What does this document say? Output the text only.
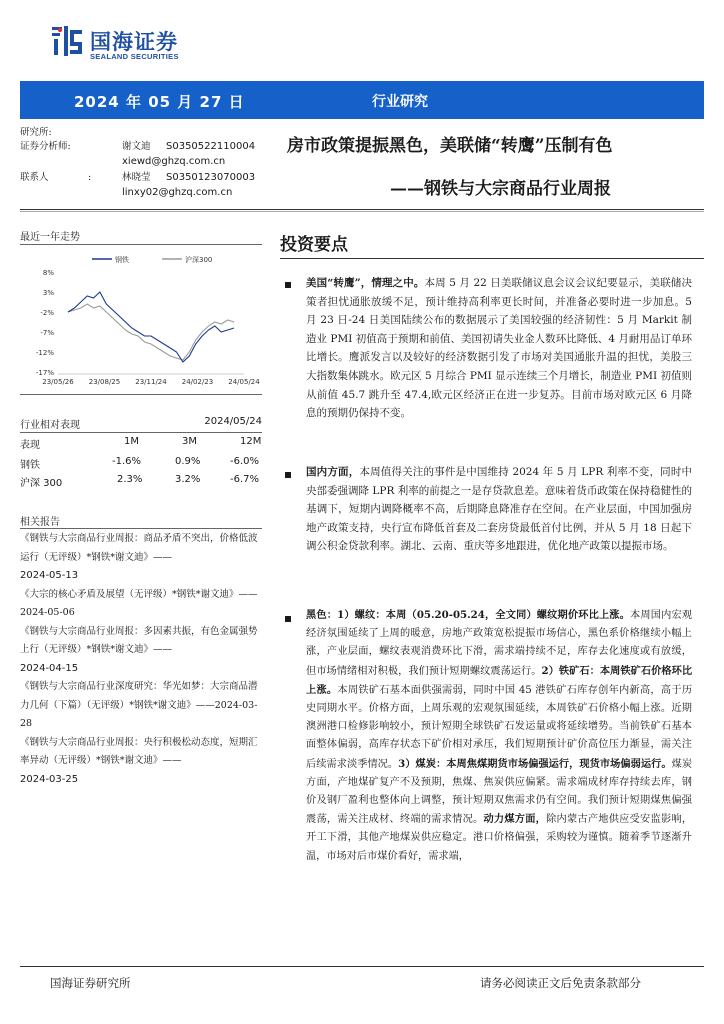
国海证券
SEALAND SECURITIES
2024 年 05 月 27 日	行业研究
研究所:
证券分析师:	谢文迪 S0350522110004
xiewd@ghzq.com.cn
联系人	:	林晓莹 S0350123070003
linxy02@ghzq.com.cn
房市政策提振黑色，美联储“转鹰”压制有色
——钢铁与大宗商品行业周报
最近一年走势
8%
3%
-2%
-7%
-12%
-17%
23/05/26 23/08/25 23/11/24 24/02/23 24/05/24
钢铁	沪深300
行业相对表现	2024/05/24
表现	1M	3M	12M
钢铁	-1.6%	0.9%	-6.0%
沪深 300	2.3%	3.2%	-6.7%
相关报告
《钢铁与大宗商品行业周报：商品矛盾不突出，价格低波运行（无评级）*钢铁*谢文迪》——
2024-05-13
《大宗的核心矛盾及展望（无评级）*钢铁*谢文迪》——2024-05-06
《钢铁与大宗商品行业周报：多因素共振，有色金属强势上行（无评级）*钢铁*谢文迪》——
2024-04-15
《钢铁与大宗商品行业深度研究：华光如梦：大宗商品潜力几何（下篇）（无评级）*钢铁*谢文迪》——2024-03-28
《钢铁与大宗商品行业周报：央行积极松动态度，短期汇率异动（无评级）*钢铁*谢文迪》——
2024-03-25
投资要点
美国“转鹰”，情理之中。本周 5 月 22 日美联储议息会议会议纪要显示，美联储决策者担忧通胀放缓不足，预计维持高利率更长时间，并准备必要时进一步加息。5 月 23 日-24 日美国陆续公布的数据展示了美国较强的经济韧性：5 月 Markit 制造业 PMI 初值高于预期和前值、美国初请失业金人数环比降低、4 月耐用品订单环比增长。鹰派发言以及较好的经济数据引发了市场对美国通胀升温的担忧，美股三大指数集体跳水。欧元区 5 月综合 PMI 显示连续三个月增长，制造业 PMI 初值则从前值 45.7 跳升至 47.4,欧元区经济正在进一步复苏。目前市场对欧元区 6 月降息的预期仍保持不变。
国内方面，本周值得关注的事件是中国维持 2024 年 5 月 LPR 利率不变，同时中央部委强调降 LPR 利率的前提之一是存贷款息差。意味着货币政策在保持稳健性的基调下，短期内调降概率不高，后期降息降准存在空间。在产业层面，中国加强房地产政策支持，央行宣布降低首套及二套房贷最低首付比例，并从 5 月 18 日起下调公积金贷款利率。湖北、云南、重庆等多地跟进，优化地产政策以提振市场。
黑色：1）螺纹：本周（05.20-05.24，全文同）螺纹期价环比上涨。本周国内宏观经济氛围延续了上周的暖意，房地产政策宽松提振市场信心，黑色系价格继续小幅上涨，产业层面，螺纹表观消费环比下滑，需求端持续不足，库存去化速度或有放缓，但市场情绪相对积极，我们预计短期螺纹震荡运行。2）铁矿石：本周铁矿石价格环比上涨。本周铁矿石基本面供强需弱，同时中国 45 港铁矿石库存创年内新高，高于历史同期水平。价格方面，上周乐观的宏观氛围延续，本周铁矿石价格小幅上涨。近期澳洲港口检修影响较小，预计短期全球铁矿石发运量或将延续增势。当前铁矿石基本面整体偏弱，高库存状态下矿价相对承压，我们短期预计矿价高位压力渐显，需关注后续需求淡季情况。3）煤炭：本周焦煤期货市场偏强运行，现货市场偏弱运行。煤炭方面，产地煤矿复产不及预期，焦煤、焦炭供应偏紧。需求端成材库存持续去库，钢价及钢厂盈利也整体向上调整，预计短期双焦需求仍有空间。我们预计短期煤焦偏强震荡，需关注成材、终端的需求情况。动力煤方面，除内蒙古产地供应受安监影响，开工下滑，其他产地煤炭供应稳定。港口价格偏强，采购较为谨慎。随着季节逐渐升温，市场对后市煤价看好，需求端，
国海证券研究所	请务必阅读正文后免责条款部分
